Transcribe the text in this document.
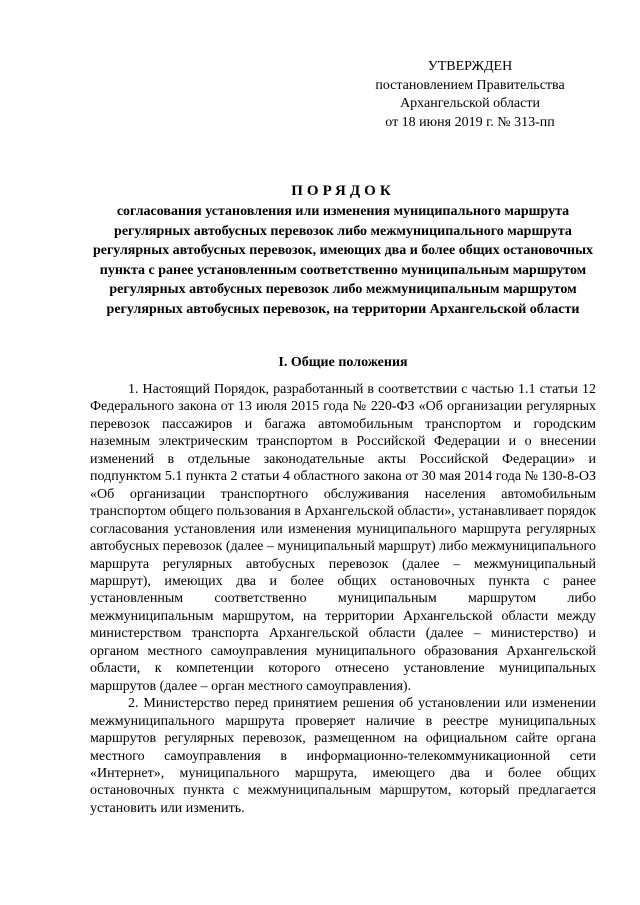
УТВЕРЖДЕН
постановлением Правительства
Архангельской области
от 18 июня 2019 г. № 313-пп
ПОРЯДОК
согласования установления или изменения муниципального маршрута регулярных автобусных перевозок либо межмуниципального маршрута регулярных автобусных перевозок, имеющих два и более общих остановочных пункта с ранее установленным соответственно муниципальным маршрутом регулярных автобусных перевозок либо межмуниципальным маршрутом регулярных автобусных перевозок, на территории Архангельской области
I. Общие положения

1. Настоящий Порядок, разработанный в соответствии с частью 1.1 статьи 12 Федерального закона от 13 июля 2015 года № 220-ФЗ «Об организации регулярных перевозок пассажиров и багажа автомобильным транспортом и городским наземным электрическим транспортом в Российской Федерации и о внесении изменений в отдельные законодательные акты Российской Федерации» и подпунктом 5.1 пункта 2 статьи 4 областного закона от 30 мая 2014 года № 130-8-ОЗ «Об организации транспортного обслуживания населения автомобильным транспортом общего пользования в Архангельской области», устанавливает порядок согласования установления или изменения муниципального маршрута регулярных автобусных перевозок (далее – муниципальный маршрут) либо межмуниципального маршрута регулярных автобусных перевозок (далее – межмуниципальный маршрут), имеющих два и более общих остановочных пункта с ранее установленным соответственно муниципальным маршрутом либо межмуниципальным маршрутом, на территории Архангельской области между министерством транспорта Архангельской области (далее – министерство) и органом местного самоуправления муниципального образования Архангельской области, к компетенции которого отнесено установление муниципальных маршрутов (далее – орган местного самоуправления).

2. Министерство перед принятием решения об установлении или изменении межмуниципального маршрута проверяет наличие в реестре муниципальных маршрутов регулярных перевозок, размещенном на официальном сайте органа местного самоуправления в информационно-телекоммуникационной сети «Интернет», муниципального маршрута, имеющего два и более общих остановочных пункта с межмуниципальным маршрутом, который предлагается установить или изменить.
